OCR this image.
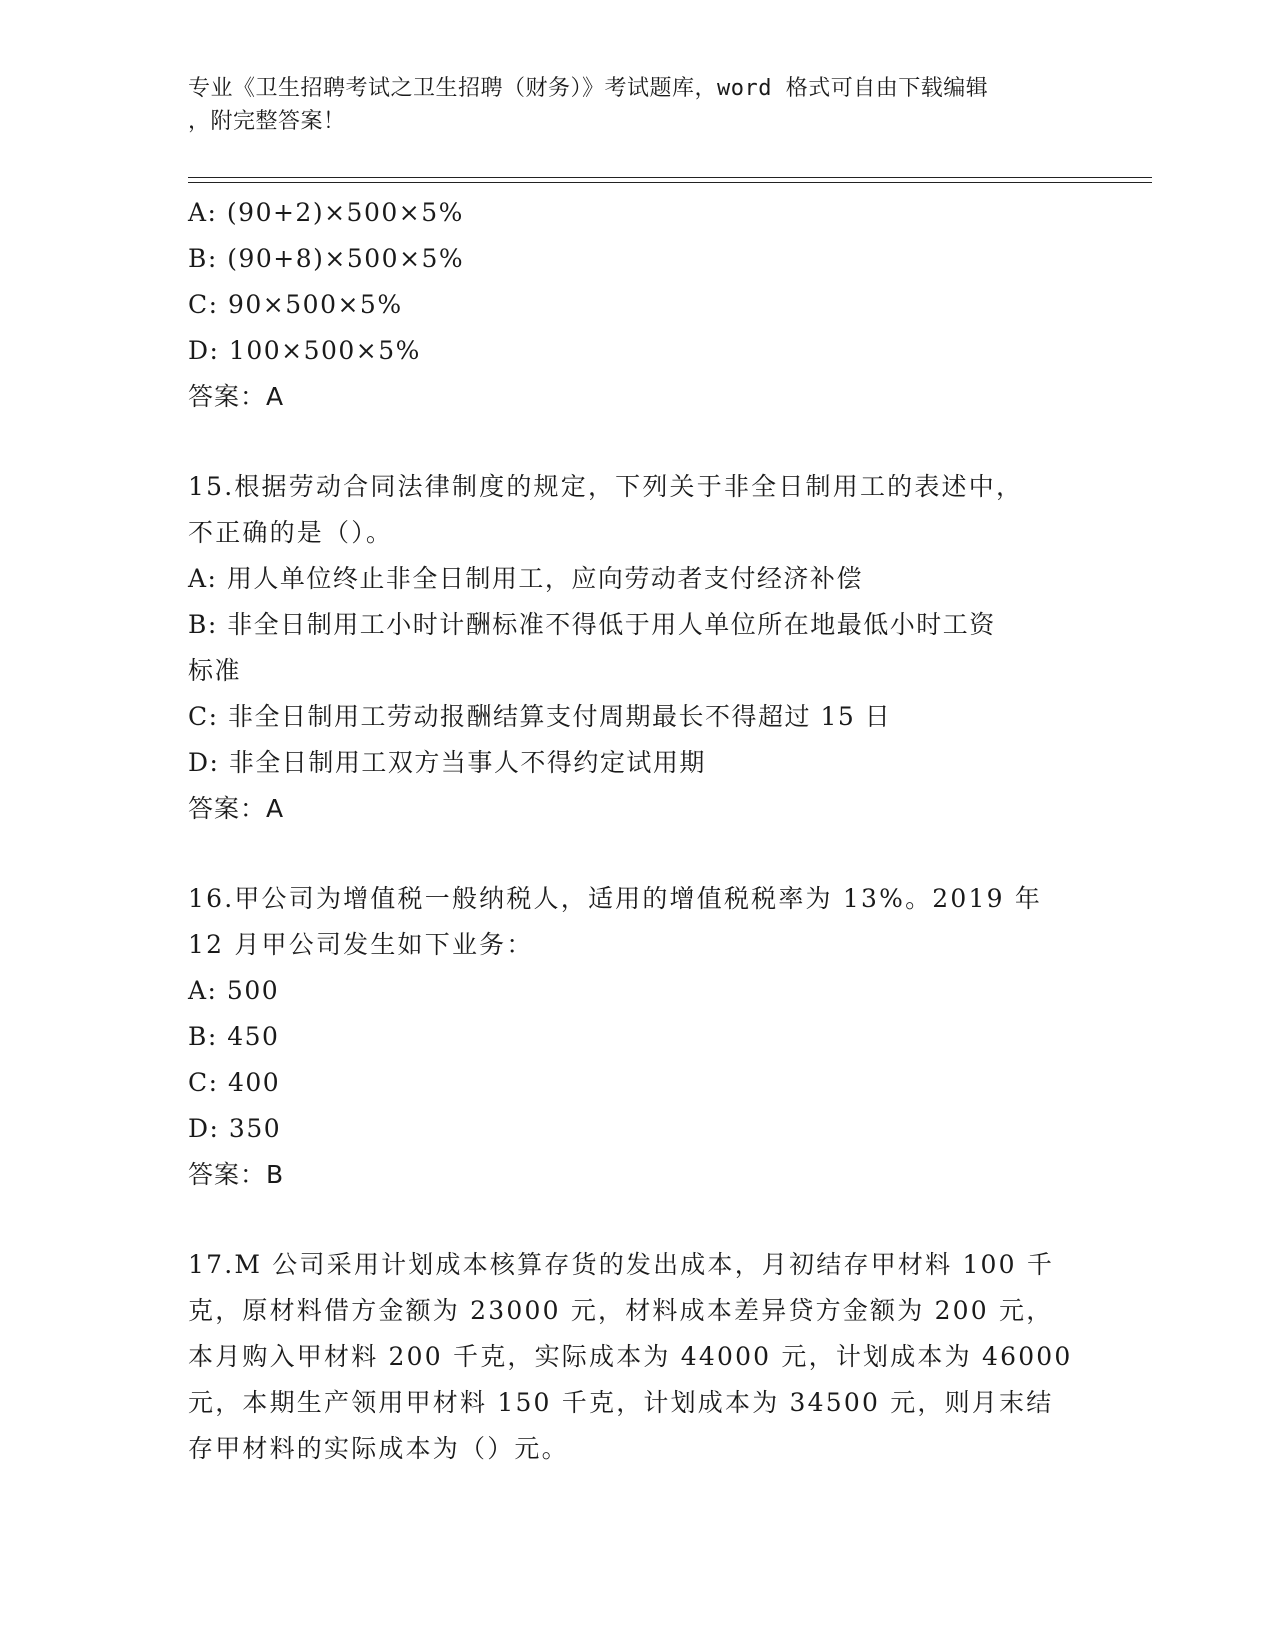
专业《卫生招聘考试之卫生招聘（财务）》考试题库，word 格式可自由下载编辑
，附完整答案！
A: (90+2)×500×5%
B: (90+8)×500×5%
C: 90×500×5%
D: 100×500×5%
答案：A
15.根据劳动合同法律制度的规定，下列关于非全日制用工的表述中，
不正确的是（）。
A: 用人单位终止非全日制用工，应向劳动者支付经济补偿
B: 非全日制用工小时计酬标准不得低于用人单位所在地最低小时工资
标准
C: 非全日制用工劳动报酬结算支付周期最长不得超过 15 日
D: 非全日制用工双方当事人不得约定试用期
答案：A
16.甲公司为增值税一般纳税人，适用的增值税税率为 13%。2019 年
12 月甲公司发生如下业务：
A: 500
B: 450
C: 400
D: 350
答案：B
17.M 公司采用计划成本核算存货的发出成本，月初结存甲材料 100 千
克，原材料借方金额为 23000 元，材料成本差异贷方金额为 200 元，
本月购入甲材料 200 千克，实际成本为 44000 元，计划成本为 46000
元，本期生产领用甲材料 150 千克，计划成本为 34500 元，则月末结
存甲材料的实际成本为（）元。
